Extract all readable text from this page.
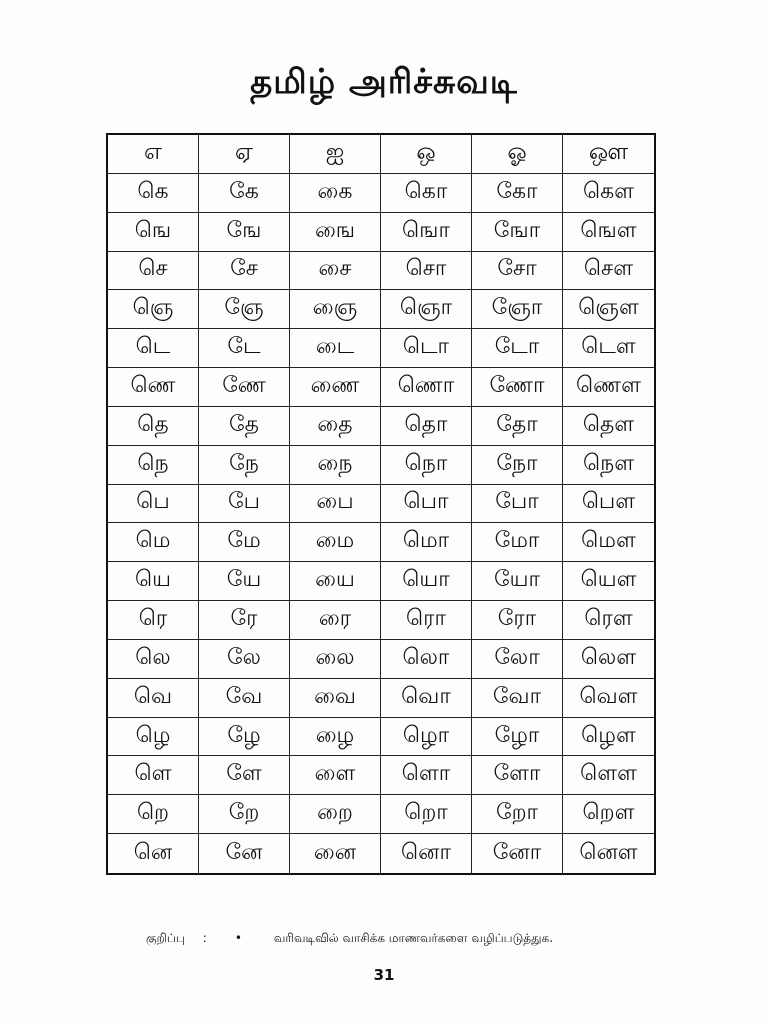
தமிழ் அரிச்சுவடி
எ	ஏ	ஐ	ஒ	ஓ	ஔ
கெ	கே	கை	கொ	கோ	கௌ
ஙெ	ஙே	ஙை	ஙொ	ஙோ	ஙௌ
செ	சே	சை	சொ	சோ	சௌ
ஞெ	ஞே	ஞை	ஞொ	ஞோ	ஞௌ
டெ	டே	டை	டொ	டோ	டௌ
ணெ	ணே	ணை	ணொ	ணோ	ணௌ
தெ	தே	தை	தொ	தோ	தௌ
நெ	நே	நை	நொ	நோ	நௌ
பெ	பே	பை	பொ	போ	பௌ
மெ	மே	மை	மொ	மோ	மௌ
யெ	யே	யை	யொ	யோ	யௌ
ரெ	ரே	ரை	ரொ	ரோ	ரௌ
லெ	லே	லை	லொ	லோ	லௌ
வெ	வே	வை	வொ	வோ	வௌ
ழெ	ழே	ழை	ழொ	ழோ	ழௌ
ளெ	ளே	ளை	ளொ	ளோ	ளௌ
றெ	றே	றை	றொ	றோ	றௌ
னெ	னே	னை	னொ	னோ	னௌ
குறிப்பு : •	வரிவடிவில் வாசிக்க மாணவர்களை வழிப்படுத்துக.
31
